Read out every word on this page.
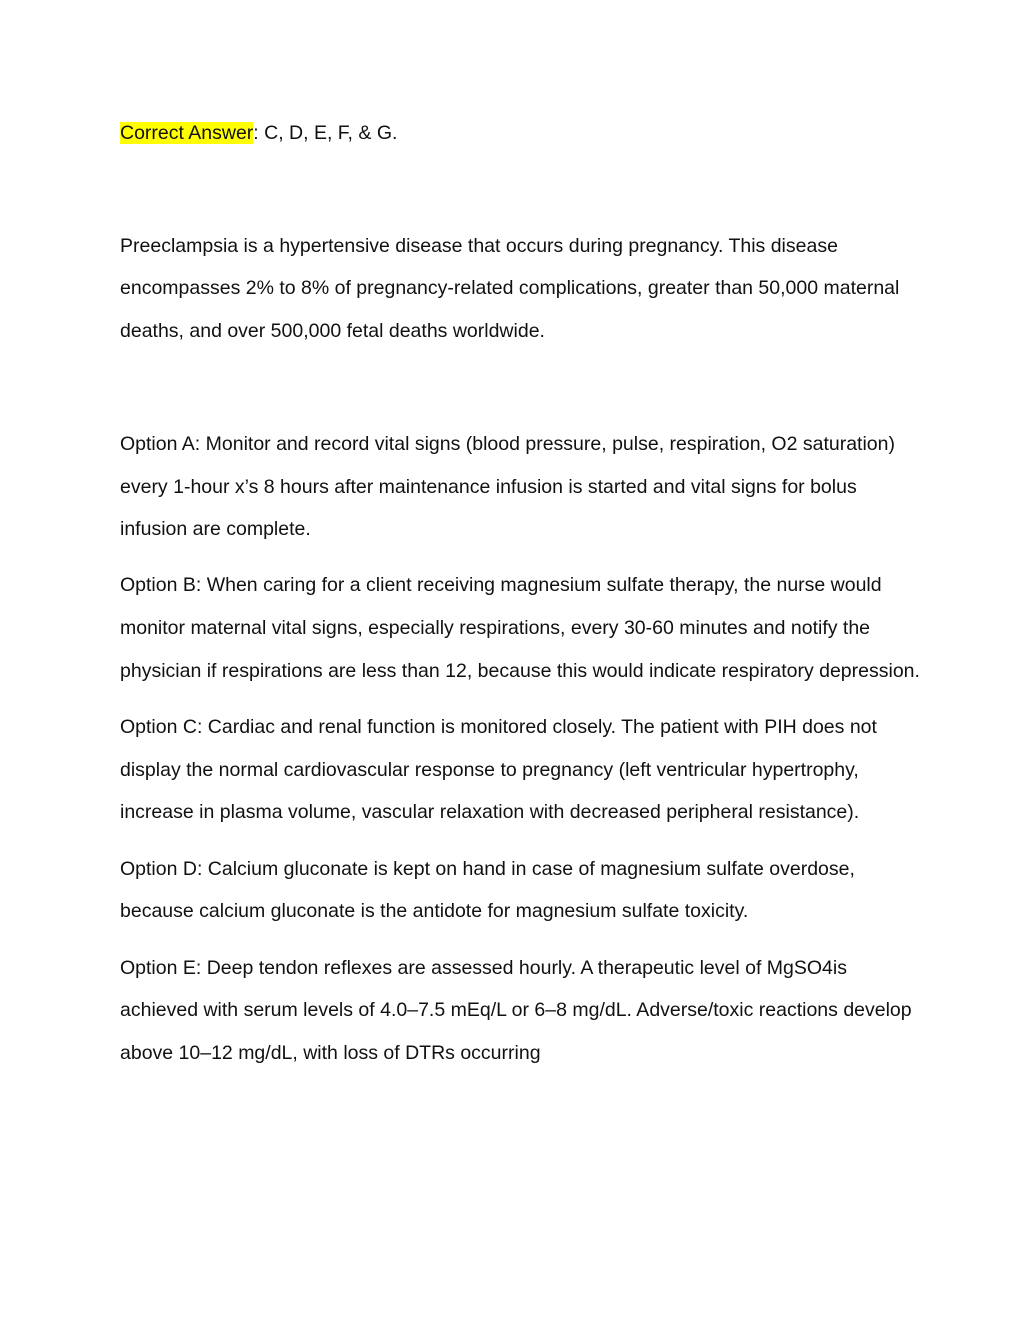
Correct Answer: C, D, E, F, & G.

Preeclampsia is a hypertensive disease that occurs during pregnancy. This disease encompasses 2% to 8% of pregnancy-related complications, greater than 50,000 maternal deaths, and over 500,000 fetal deaths worldwide.

Option A: Monitor and record vital signs (blood pressure, pulse, respiration, O2 saturation) every 1-hour x’s 8 hours after maintenance infusion is started and vital signs for bolus infusion are complete.

Option B: When caring for a client receiving magnesium sulfate therapy, the nurse would monitor maternal vital signs, especially respirations, every 30-60 minutes and notify the physician if respirations are less than 12, because this would indicate respiratory depression.

Option C: Cardiac and renal function is monitored closely. The patient with PIH does not display the normal cardiovascular response to pregnancy (left ventricular hypertrophy, increase in plasma volume, vascular relaxation with decreased peripheral resistance).

Option D: Calcium gluconate is kept on hand in case of magnesium sulfate overdose, because calcium gluconate is the antidote for magnesium sulfate toxicity.

Option E: Deep tendon reflexes are assessed hourly. A therapeutic level of MgSO4is achieved with serum levels of 4.0–7.5 mEq/L or 6–8 mg/dL. Adverse/toxic reactions develop above 10–12 mg/dL, with loss of DTRs occurring
